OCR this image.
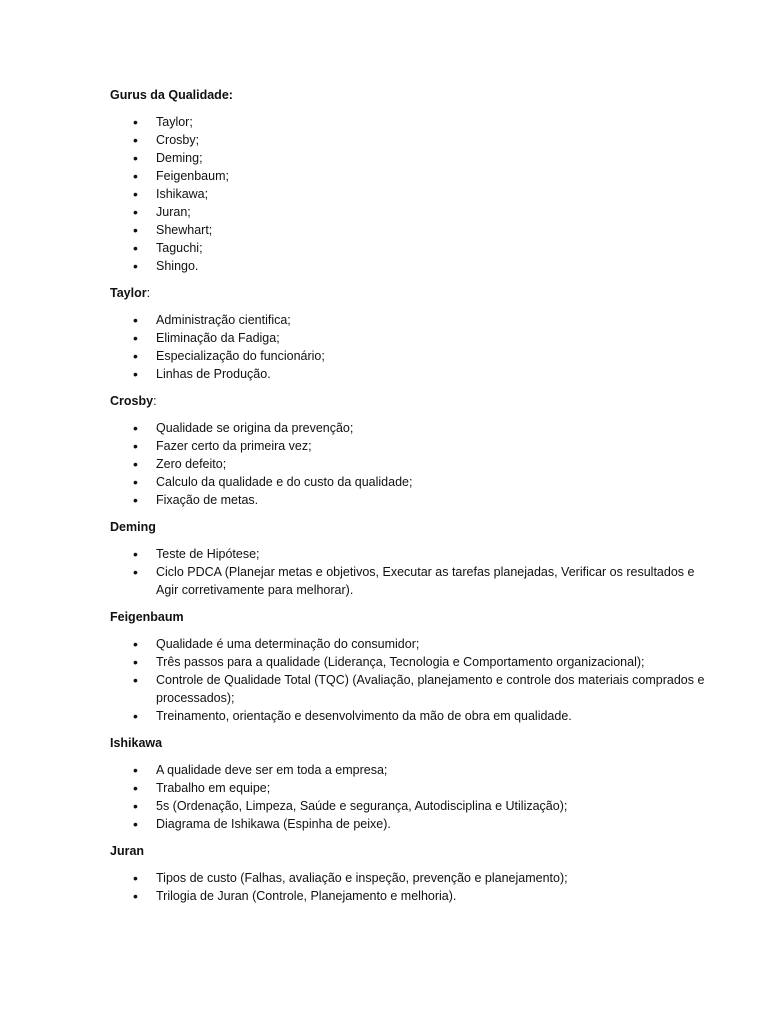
Gurus da Qualidade:
• Taylor;
• Crosby;
• Deming;
• Feigenbaum;
• Ishikawa;
• Juran;
• Shewhart;
• Taguchi;
• Shingo.
Taylor:
• Administração cientifica;
• Eliminação da Fadiga;
• Especialização do funcionário;
• Linhas de Produção.
Crosby:
• Qualidade se origina da prevenção;
• Fazer certo da primeira vez;
• Zero defeito;
• Calculo da qualidade e do custo da qualidade;
• Fixação de metas.
Deming
• Teste de Hipótese;
• Ciclo PDCA (Planejar metas e objetivos, Executar as tarefas planejadas, Verificar os resultados e Agir corretivamente para melhorar).
Feigenbaum
• Qualidade é uma determinação do consumidor;
• Três passos para a qualidade (Liderança, Tecnologia e Comportamento organizacional);
• Controle de Qualidade Total (TQC) (Avaliação, planejamento e controle dos materiais comprados e processados);
• Treinamento, orientação e desenvolvimento da mão de obra em qualidade.
Ishikawa
• A qualidade deve ser em toda a empresa;
• Trabalho em equipe;
• 5s (Ordenação, Limpeza, Saúde e segurança, Autodisciplina e Utilização);
• Diagrama de Ishikawa (Espinha de peixe).
Juran
• Tipos de custo (Falhas, avaliação e inspeção, prevenção e planejamento);
• Trilogia de Juran (Controle, Planejamento e melhoria).
